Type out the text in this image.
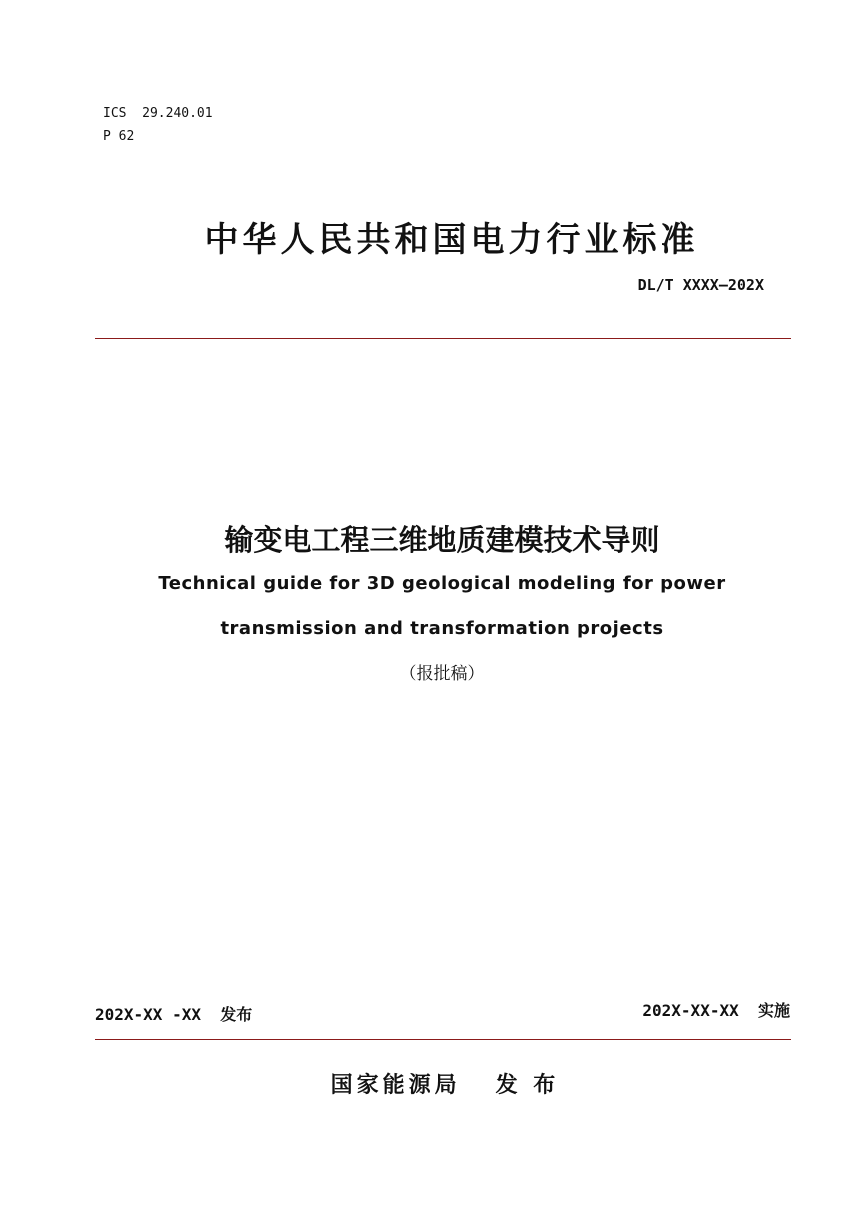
ICS  29.240.01
P 62
中华人民共和国电力行业标准
DL/T XXXX—202X
输变电工程三维地质建模技术导则
Technical guide for 3D geological modeling for power
transmission and transformation projects
（报批稿）
202X-XX -XX  发布	202X-XX-XX  实施
国家能源局   发 布
